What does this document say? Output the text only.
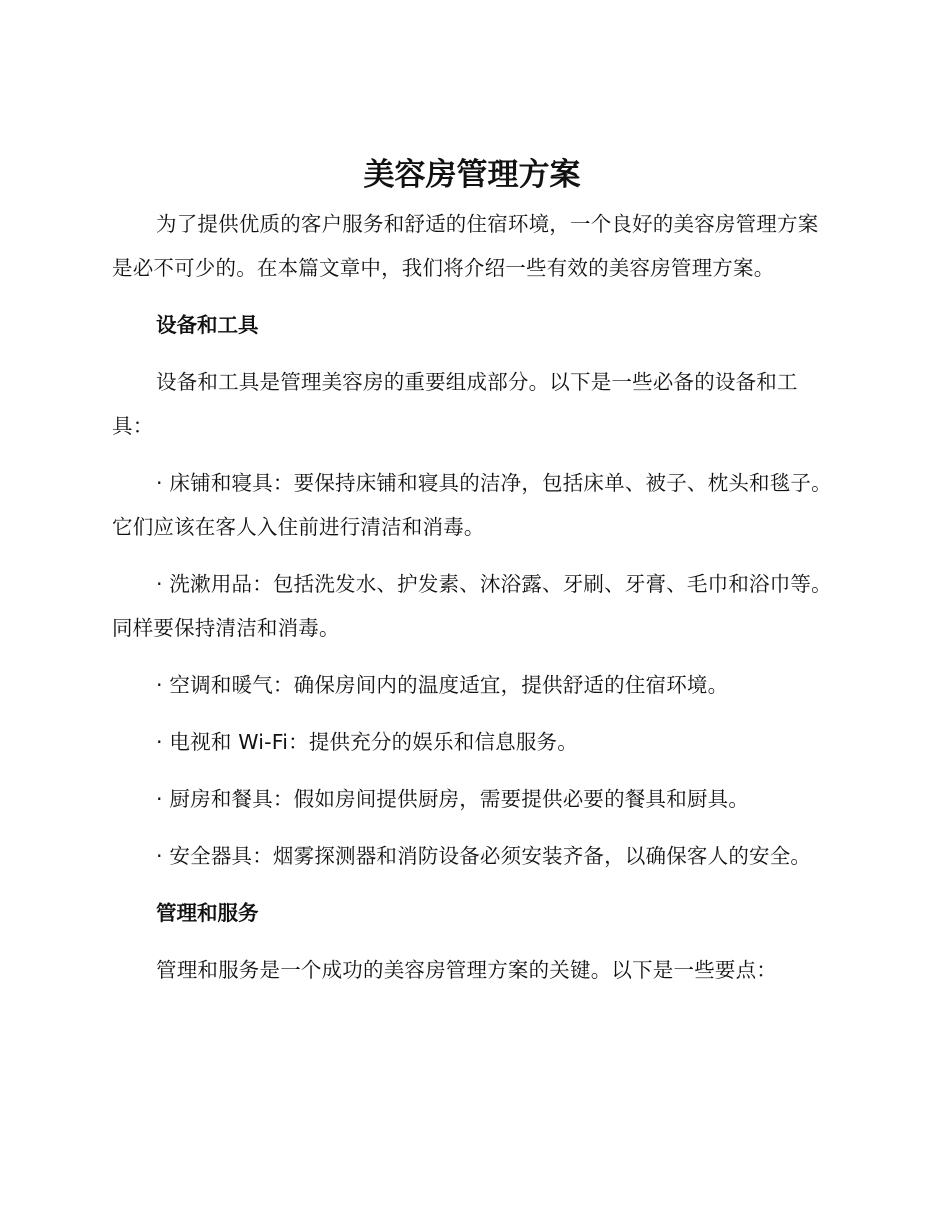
美容房管理方案

为了提供优质的客户服务和舒适的住宿环境，一个良好的美容房管理方案是必不可少的。在本篇文章中，我们将介绍一些有效的美容房管理方案。

设备和工具

设备和工具是管理美容房的重要组成部分。以下是一些必备的设备和工具：

· 床铺和寝具：要保持床铺和寝具的洁净，包括床单、被子、枕头和毯子。它们应该在客人入住前进行清洁和消毒。

· 洗漱用品：包括洗发水、护发素、沐浴露、牙刷、牙膏、毛巾和浴巾等。同样要保持清洁和消毒。

· 空调和暖气：确保房间内的温度适宜，提供舒适的住宿环境。

· 电视和 Wi-Fi：提供充分的娱乐和信息服务。

· 厨房和餐具：假如房间提供厨房，需要提供必要的餐具和厨具。

· 安全器具：烟雾探测器和消防设备必须安装齐备，以确保客人的安全。

管理和服务

管理和服务是一个成功的美容房管理方案的关键。以下是一些要点：
